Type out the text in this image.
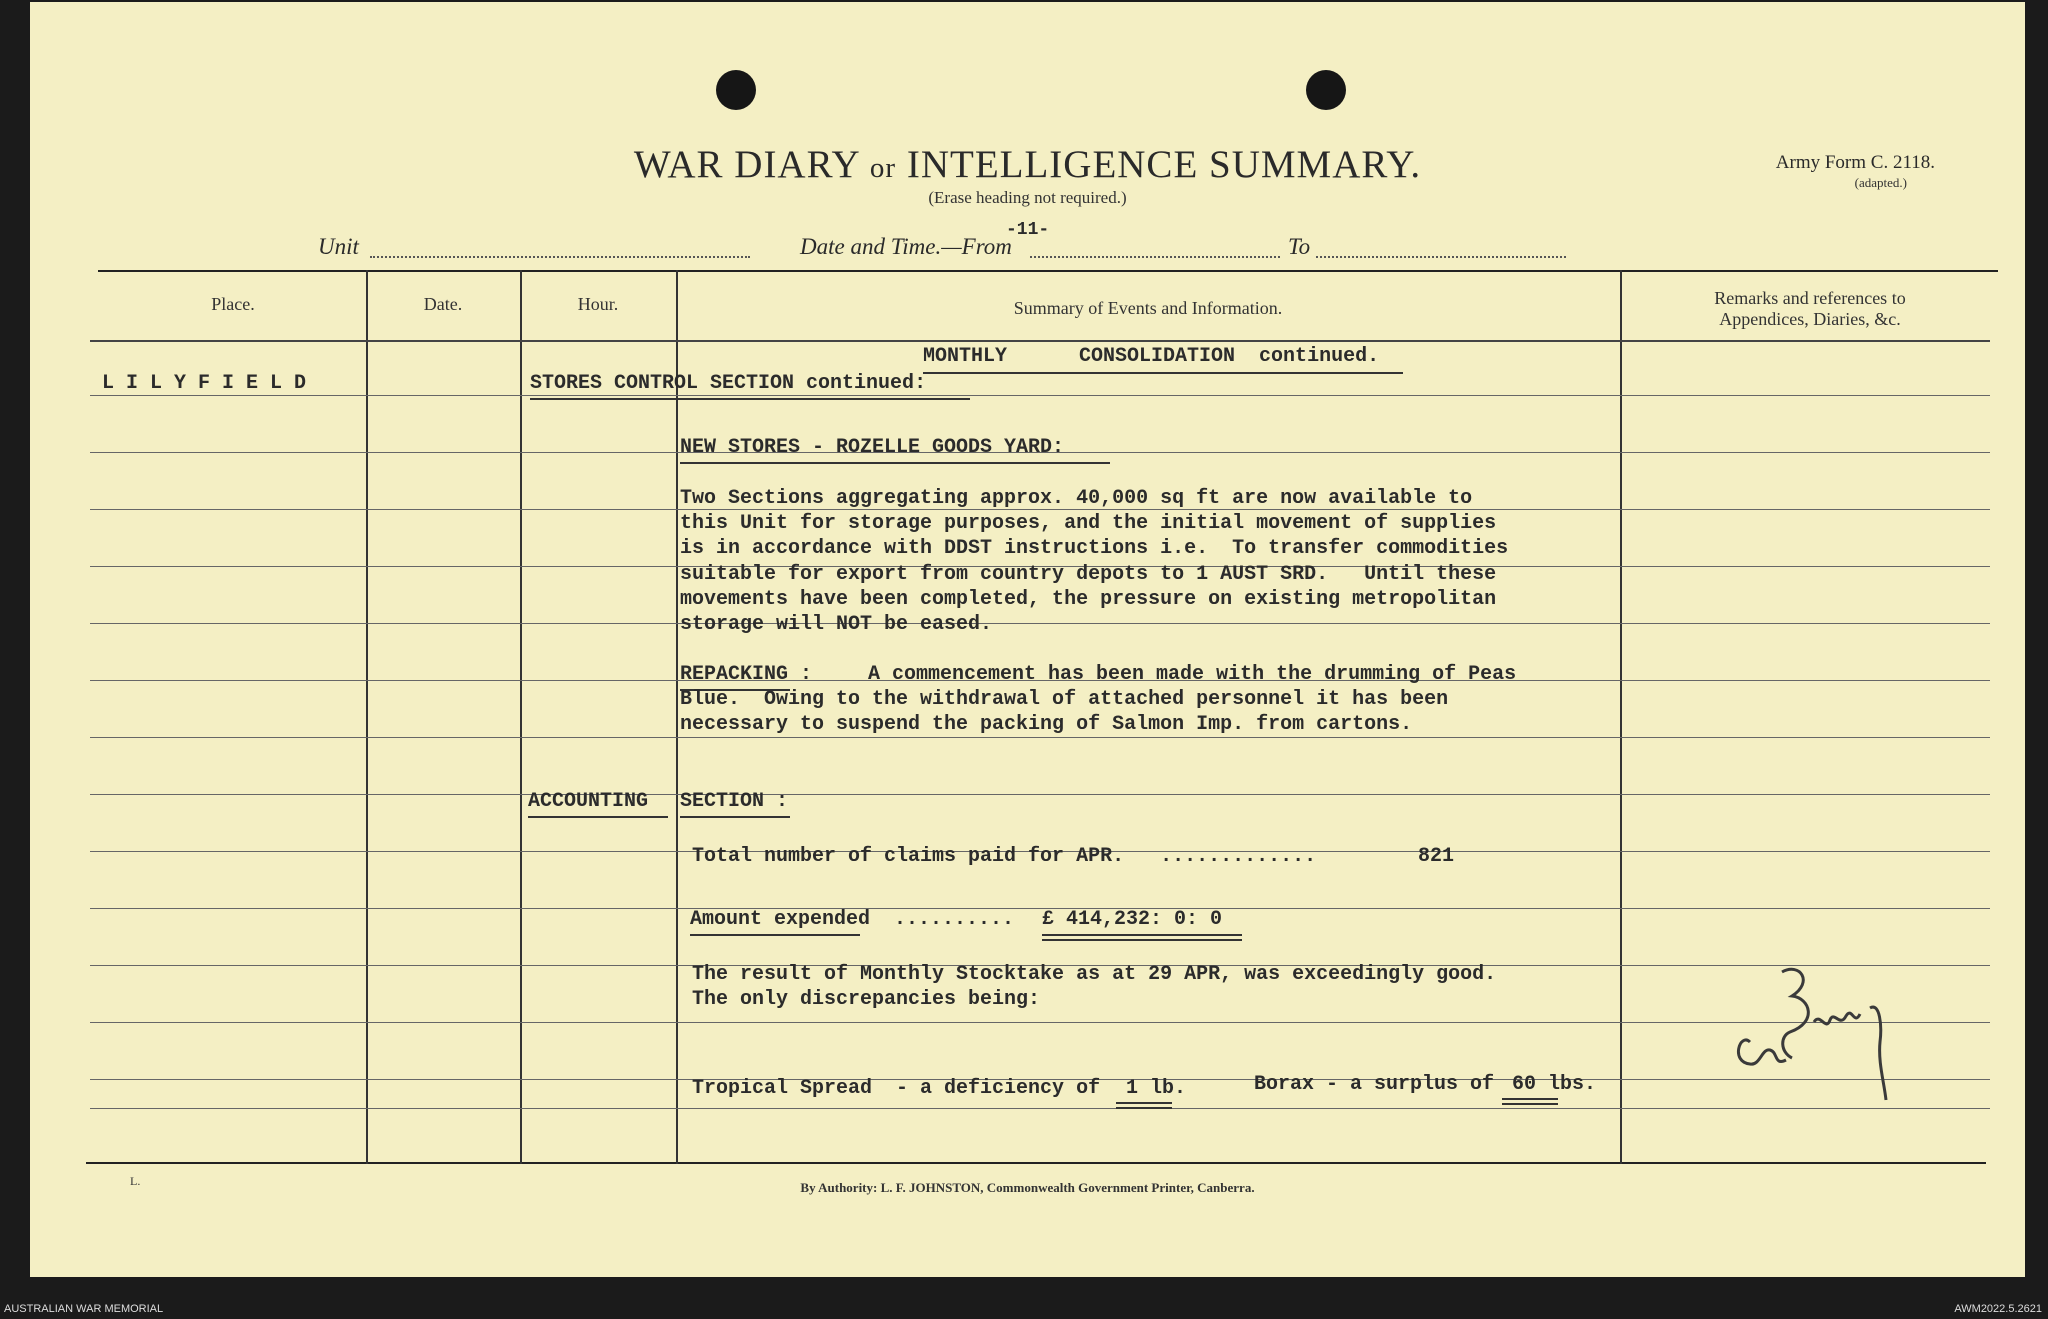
WAR DIARY or INTELLIGENCE SUMMARY.
(Erase heading not required.)
Army Form C. 2118.
(adapted.)
-11-
Unit	Date and Time.—From	To
Place.	Date.	Hour.	Summary of Events and Information.	Remarks and references to
Appendices, Diaries, &c.
MONTHLY      CONSOLIDATION  continued.
L I L Y F I E L D	STORES CONTROL SECTION continued:
NEW STORES - ROZELLE GOODS YARD:
Two Sections aggregating approx. 40,000 sq ft are now available to
this Unit for storage purposes, and the initial movement of supplies
is in accordance with DDST instructions i.e.  To transfer commodities
suitable for export from country depots to 1 AUST SRD.   Until these
movements have been completed, the pressure on existing metropolitan
storage will NOT be eased.
REPACKING : A commencement has been made with the drumming of Peas
Blue.  Owing to the withdrawal of attached personnel it has been
necessary to suspend the packing of Salmon Imp. from cartons.
ACCOUNTING SECTION :
Total number of claims paid for APR.   .............	821
Amount expended  .......... £ 414,232: 0: 0
The result of Monthly Stocktake as at 29 APR, was exceedingly good.
The only discrepancies being:
Tropical Spread  - a deficiency of 1 lb.	Borax - a surplus of 60 lbs.
L.	By Authority: L. F. JOHNSTON, Commonwealth Government Printer, Canberra.
AUSTRALIAN WAR MEMORIAL	AWM2022.5.2621
